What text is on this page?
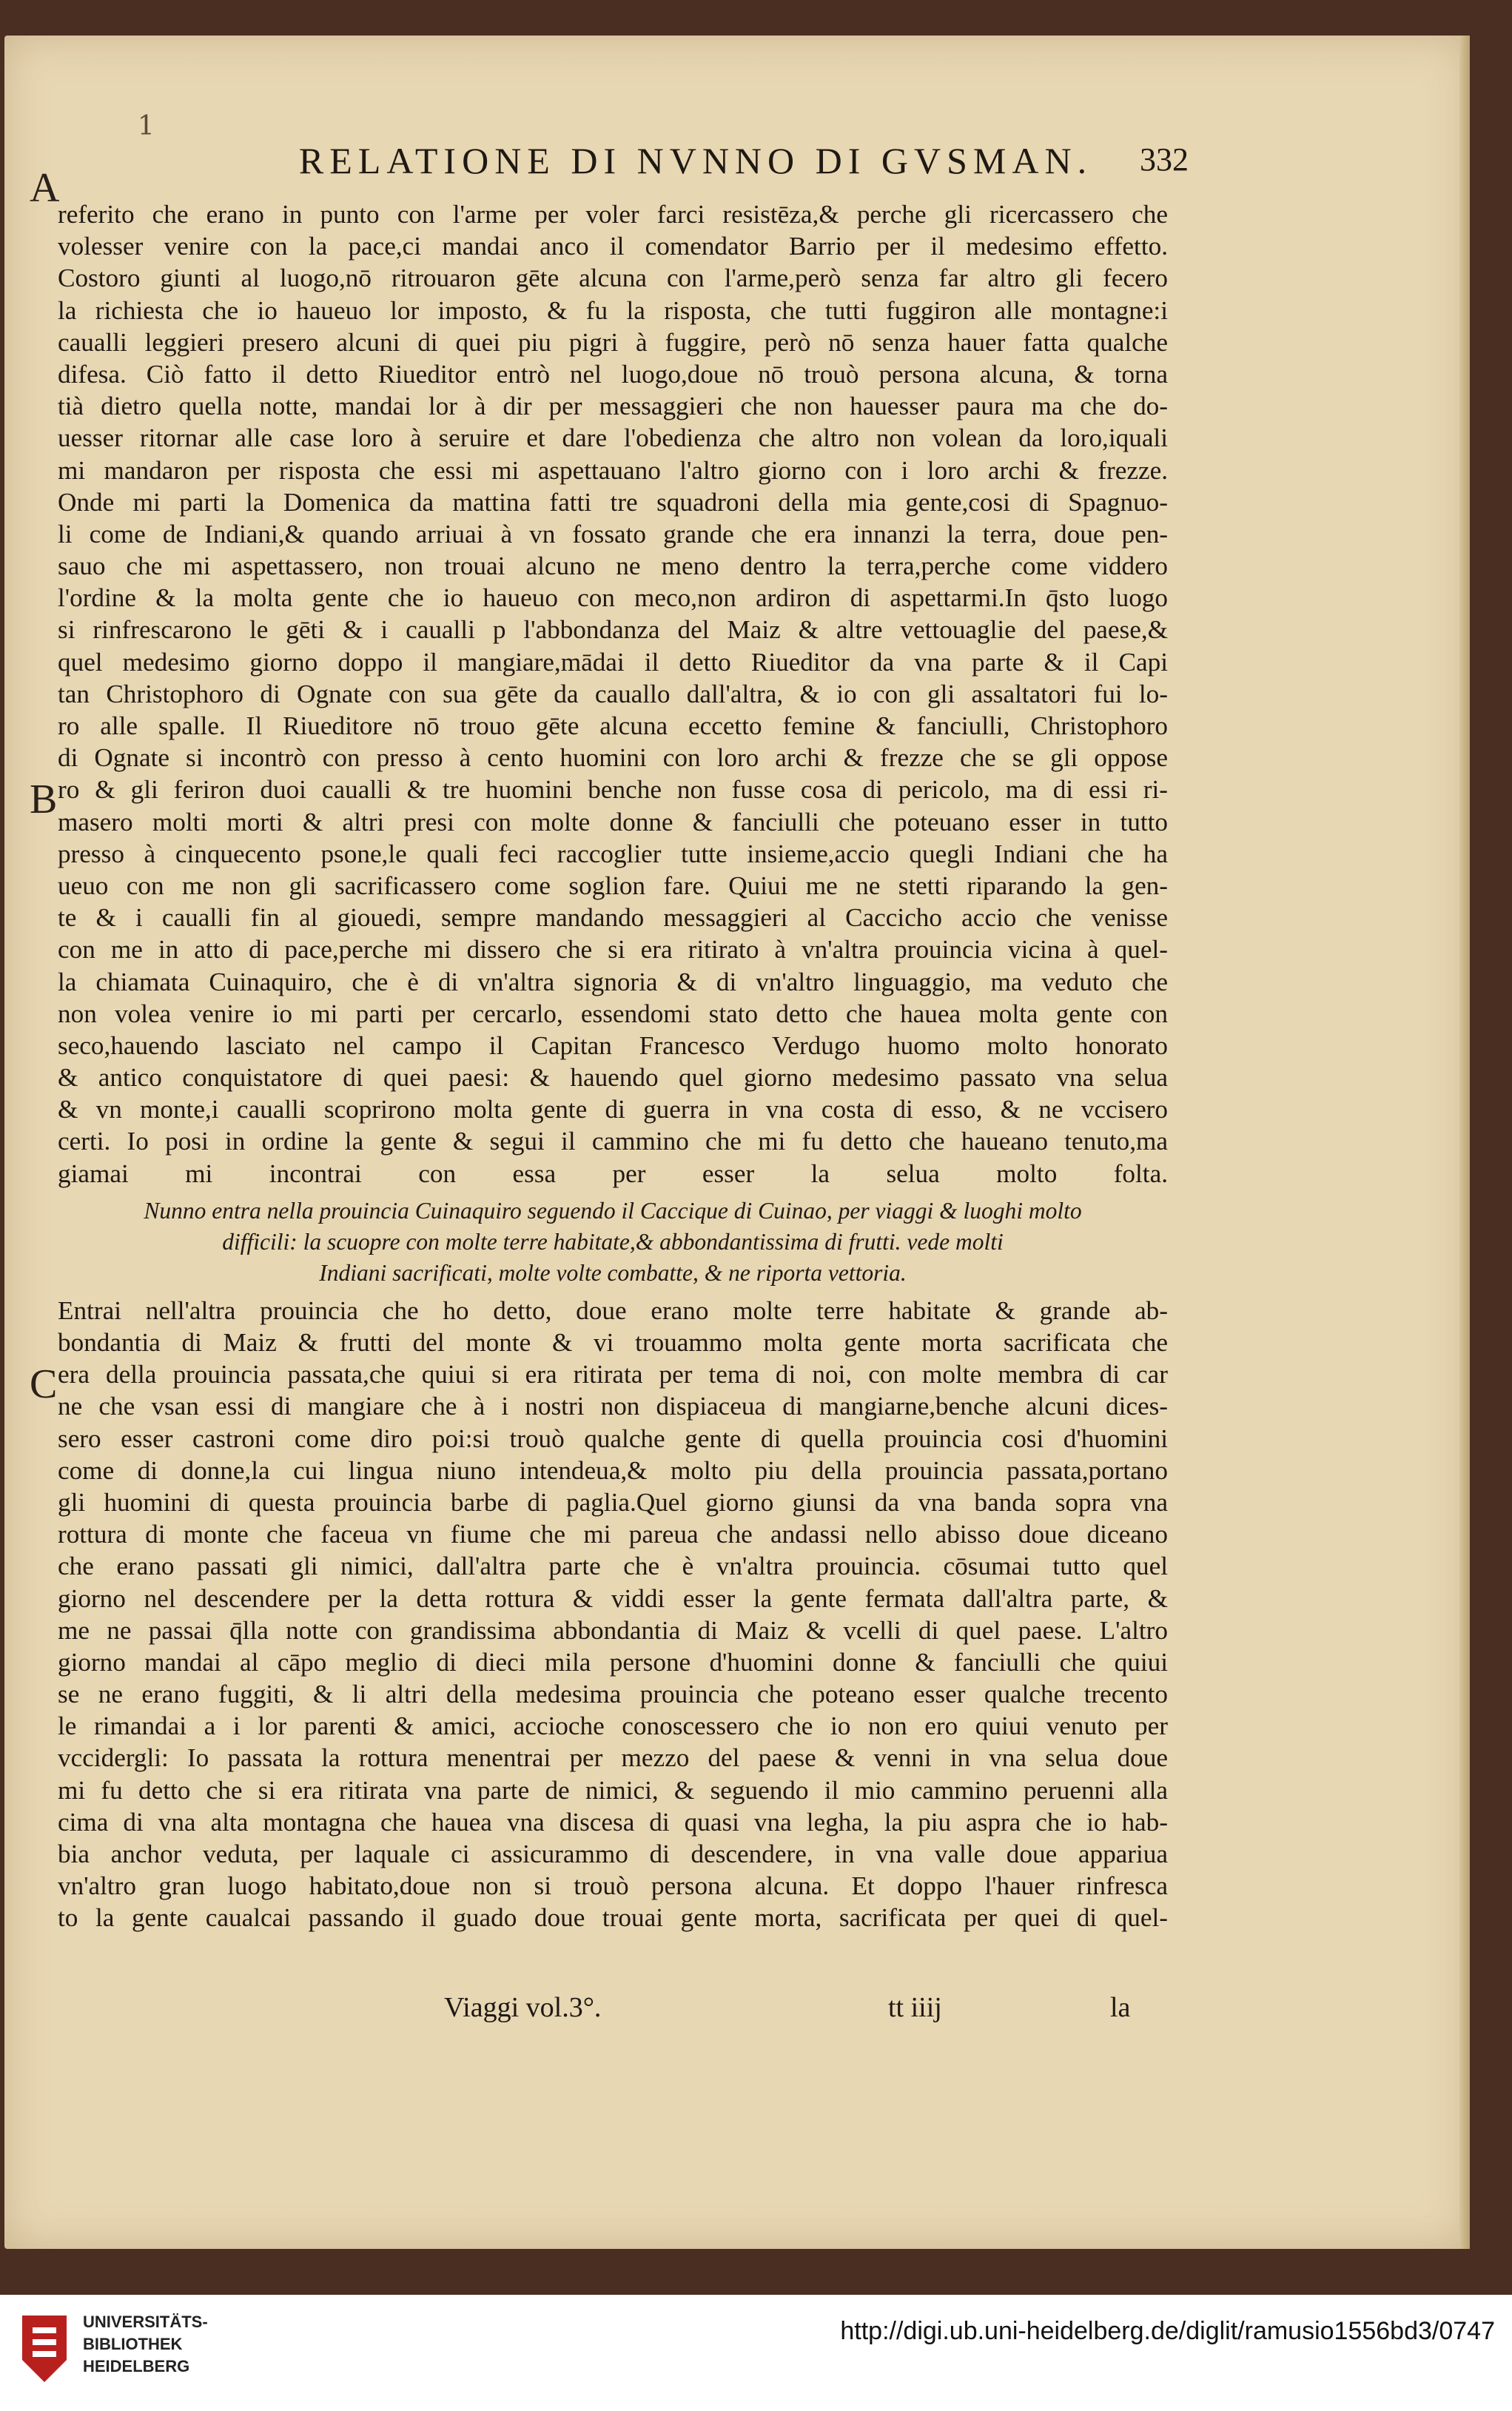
1
RELATIONE DI NVNNO DI GVSMAN.	332
A
B
C
referito che erano in punto con l'arme per voler farci resistēza,& perche gli ricercassero che
volesser venire con la pace,ci mandai anco il comendator Barrio per il medesimo effetto.
Costoro giunti al luogo,nō ritrouaron gēte alcuna con l'arme,però senza far altro gli fecero
la richiesta che io haueuo lor imposto, & fu la risposta, che tutti fuggiron alle montagne:i
caualli leggieri presero alcuni di quei piu pigri à fuggire, però nō senza hauer fatta qualche
difesa. Ciò fatto il detto Riueditor entrò nel luogo,doue nō trouò persona alcuna, & torna
tià dietro quella notte, mandai lor à dir per messaggieri che non hauesser paura ma che do-
uesser ritornar alle case loro à seruire et dare l'obedienza che altro non volean da loro,iquali
mi mandaron per risposta che essi mi aspettauano l'altro giorno con i loro archi & frezze.
Onde mi parti la Domenica da mattina fatti tre squadroni della mia gente,cosi di Spagnuo-
li come de Indiani,& quando arriuai à vn fossato grande che era innanzi la terra, doue pen-
sauo che mi aspettassero, non trouai alcuno ne meno dentro la terra,perche come viddero
l'ordine & la molta gente che io haueuo con meco,non ardiron di aspettarmi.In q̄sto luogo
si rinfrescarono le gēti & i caualli p l'abbondanza del Maiz & altre vettouaglie del paese,&
quel medesimo giorno doppo il mangiare,mādai il detto Riueditor da vna parte & il Capi
tan Christophoro di Ognate con sua gēte da cauallo dall'altra, & io con gli assaltatori fui lo-
ro alle spalle. Il Riueditore nō trouo gēte alcuna eccetto femine & fanciulli, Christophoro
di Ognate si incontrò con presso à cento huomini con loro archi & frezze che se gli oppose
ro & gli feriron duoi caualli & tre huomini benche non fusse cosa di pericolo, ma di essi ri-
masero molti morti & altri presi con molte donne & fanciulli che poteuano esser in tutto
presso à cinquecento psone,le quali feci raccoglier tutte insieme,accio quegli Indiani che ha
ueuo con me non gli sacrificassero come soglion fare. Quiui me ne stetti riparando la gen-
te & i caualli fin al giouedi, sempre mandando messaggieri al Caccicho accio che venisse
con me in atto di pace,perche mi dissero che si era ritirato à vn'altra prouincia vicina à quel-
la chiamata Cuinaquiro, che è di vn'altra signoria & di vn'altro linguaggio, ma veduto che
non volea venire io mi parti per cercarlo, essendomi stato detto che hauea molta gente con
seco,hauendo lasciato nel campo il Capitan Francesco Verdugo huomo molto honorato
& antico conquistatore di quei paesi: & hauendo quel giorno medesimo passato vna selua
& vn monte,i caualli scoprirono molta gente di guerra in vna costa di esso, & ne vccisero
certi. Io posi in ordine la gente & segui il cammino che mi fu detto che haueano tenuto,ma
giamai mi incontrai con essa per esser la selua molto folta.
Nunno entra nella prouincia Cuinaquiro seguendo il Caccique di Cuinao, per viaggi & luoghi molto
difficili: la scuopre con molte terre habitate,& abbondantissima di frutti. vede molti
Indiani sacrificati, molte volte combatte, & ne riporta vettoria.
Entrai nell'altra prouincia che ho detto, doue erano molte terre habitate & grande ab-
bondantia di Maiz & frutti del monte & vi trouammo molta gente morta sacrificata che
era della prouincia passata,che quiui si era ritirata per tema di noi, con molte membra di car
ne che vsan essi di mangiare che à i nostri non dispiaceua di mangiarne,benche alcuni dices-
sero esser castroni come diro poi:si trouò qualche gente di quella prouincia cosi d'huomini
come di donne,la cui lingua niuno intendeua,& molto piu della prouincia passata,portano
gli huomini di questa prouincia barbe di paglia.Quel giorno giunsi da vna banda sopra vna
rottura di monte che faceua vn fiume che mi pareua che andassi nello abisso doue diceano
che erano passati gli nimici, dall'altra parte che è vn'altra prouincia. cōsumai tutto quel
giorno nel descendere per la detta rottura & viddi esser la gente fermata dall'altra parte, &
me ne passai q̄lla notte con grandissima abbondantia di Maiz & vcelli di quel paese. L'altro
giorno mandai al cāpo meglio di dieci mila persone d'huomini donne & fanciulli che quiui
se ne erano fuggiti, & li altri della medesima prouincia che poteano esser qualche trecento
le rimandai a i lor parenti & amici, accioche conoscessero che io non ero quiui venuto per
vccidergli: Io passata la rottura menentrai per mezzo del paese & venni in vna selua doue
mi fu detto che si era ritirata vna parte de nimici, & seguendo il mio cammino peruenni alla
cima di vna alta montagna che hauea vna discesa di quasi vna legha, la piu aspra che io hab-
bia anchor veduta, per laquale ci assicurammo di descendere, in vna valle doue appariua
vn'altro gran luogo habitato,doue non si trouò persona alcuna. Et doppo l'hauer rinfresca
to la gente caualcai passando il guado doue trouai gente morta, sacrificata per quei di quel-
Viaggi vol.3°.	tt iiij	la
UNIVERSITÄTS-
BIBLIOTHEK
HEIDELBERG
http://digi.ub.uni-heidelberg.de/diglit/ramusio1556bd3/0747
